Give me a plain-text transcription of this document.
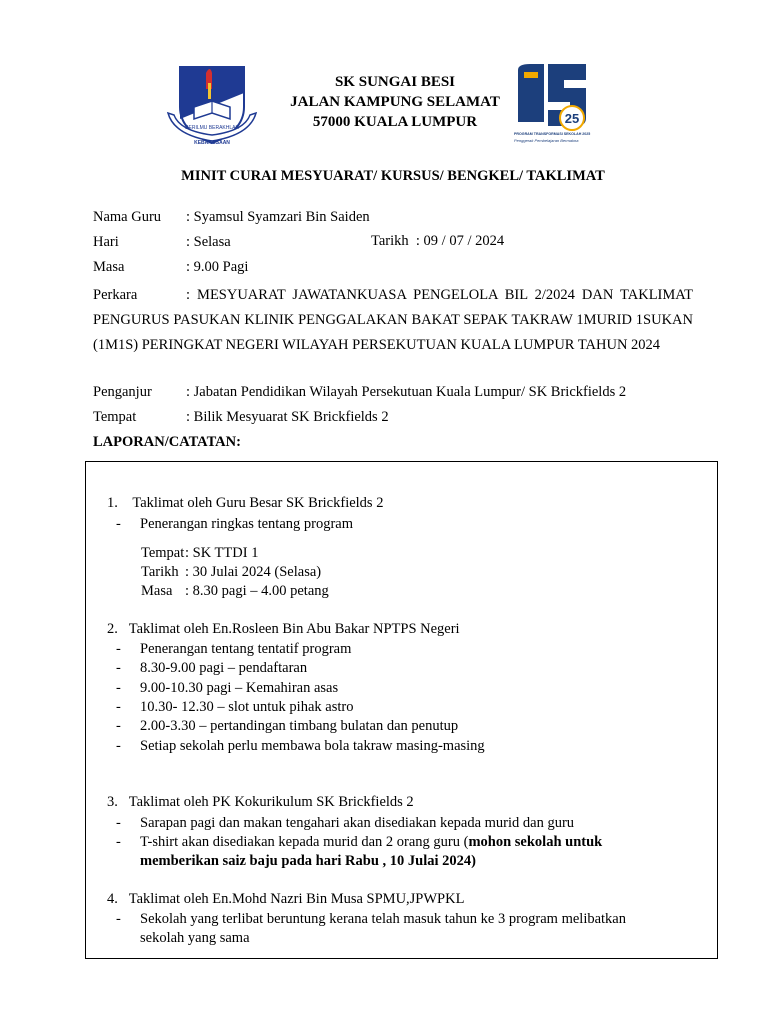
BERILMU BERAKHLAK
KEBANGSAAN
25
PROGRAM TRANSFORMASI SEKOLAH 2025
Penggerak Pembelajaran Bermakna
SK SUNGAI BESI
JALAN KAMPUNG SELAMAT
57000 KUALA LUMPUR
MINIT CURAI MESYUARAT/ KURSUS/ BENGKEL/ TAKLIMAT
Nama Guru : Syamsul Syamzari Bin Saiden
Hari	: Selasa	Tarikh : 09 / 07 / 2024
Masa	: 9.00 Pagi
Perkara	: MESYUARAT JAWATANKUASA PENGELOLA BIL 2/2024 DAN TAKLIMAT PENGURUS PASUKAN KLINIK PENGGALAKAN BAKAT SEPAK TAKRAW 1MURID 1SUKAN (1M1S) PERINGKAT NEGERI WILAYAH PERSEKUTUAN KUALA LUMPUR TAHUN 2024
Penganjur : Jabatan Pendidikan Wilayah Persekutuan Kuala Lumpur/ SK Brickfields 2
Tempat	: Bilik Mesyuarat SK Brickfields 2
LAPORAN/CATATAN:
1. Taklimat oleh Guru Besar SK Brickfields 2
- Penerangan ringkas tentang program
Tempat: SK TTDI 1
Tarikh : 30 Julai 2024 (Selasa)
Masa : 8.30 pagi – 4.00 petang
2. Taklimat oleh En.Rosleen Bin Abu Bakar NPTPS Negeri
- Penerangan tentang tentatif program
- 8.30-9.00 pagi – pendaftaran
- 9.00-10.30 pagi – Kemahiran asas
- 10.30- 12.30 – slot untuk pihak astro
- 2.00-3.30 – pertandingan timbang bulatan dan penutup
- Setiap sekolah perlu membawa bola takraw masing-masing
3. Taklimat oleh PK Kokurikulum SK Brickfields 2
- Sarapan pagi dan makan tengahari akan disediakan kepada murid dan guru
- T-shirt akan disediakan kepada murid dan 2 orang guru (mohon sekolah untuk memberikan saiz baju pada hari Rabu , 10 Julai 2024)
4. Taklimat oleh En.Mohd Nazri Bin Musa SPMU,JPWPKL
- Sekolah yang terlibat beruntung kerana telah masuk tahun ke 3 program melibatkan sekolah yang sama
